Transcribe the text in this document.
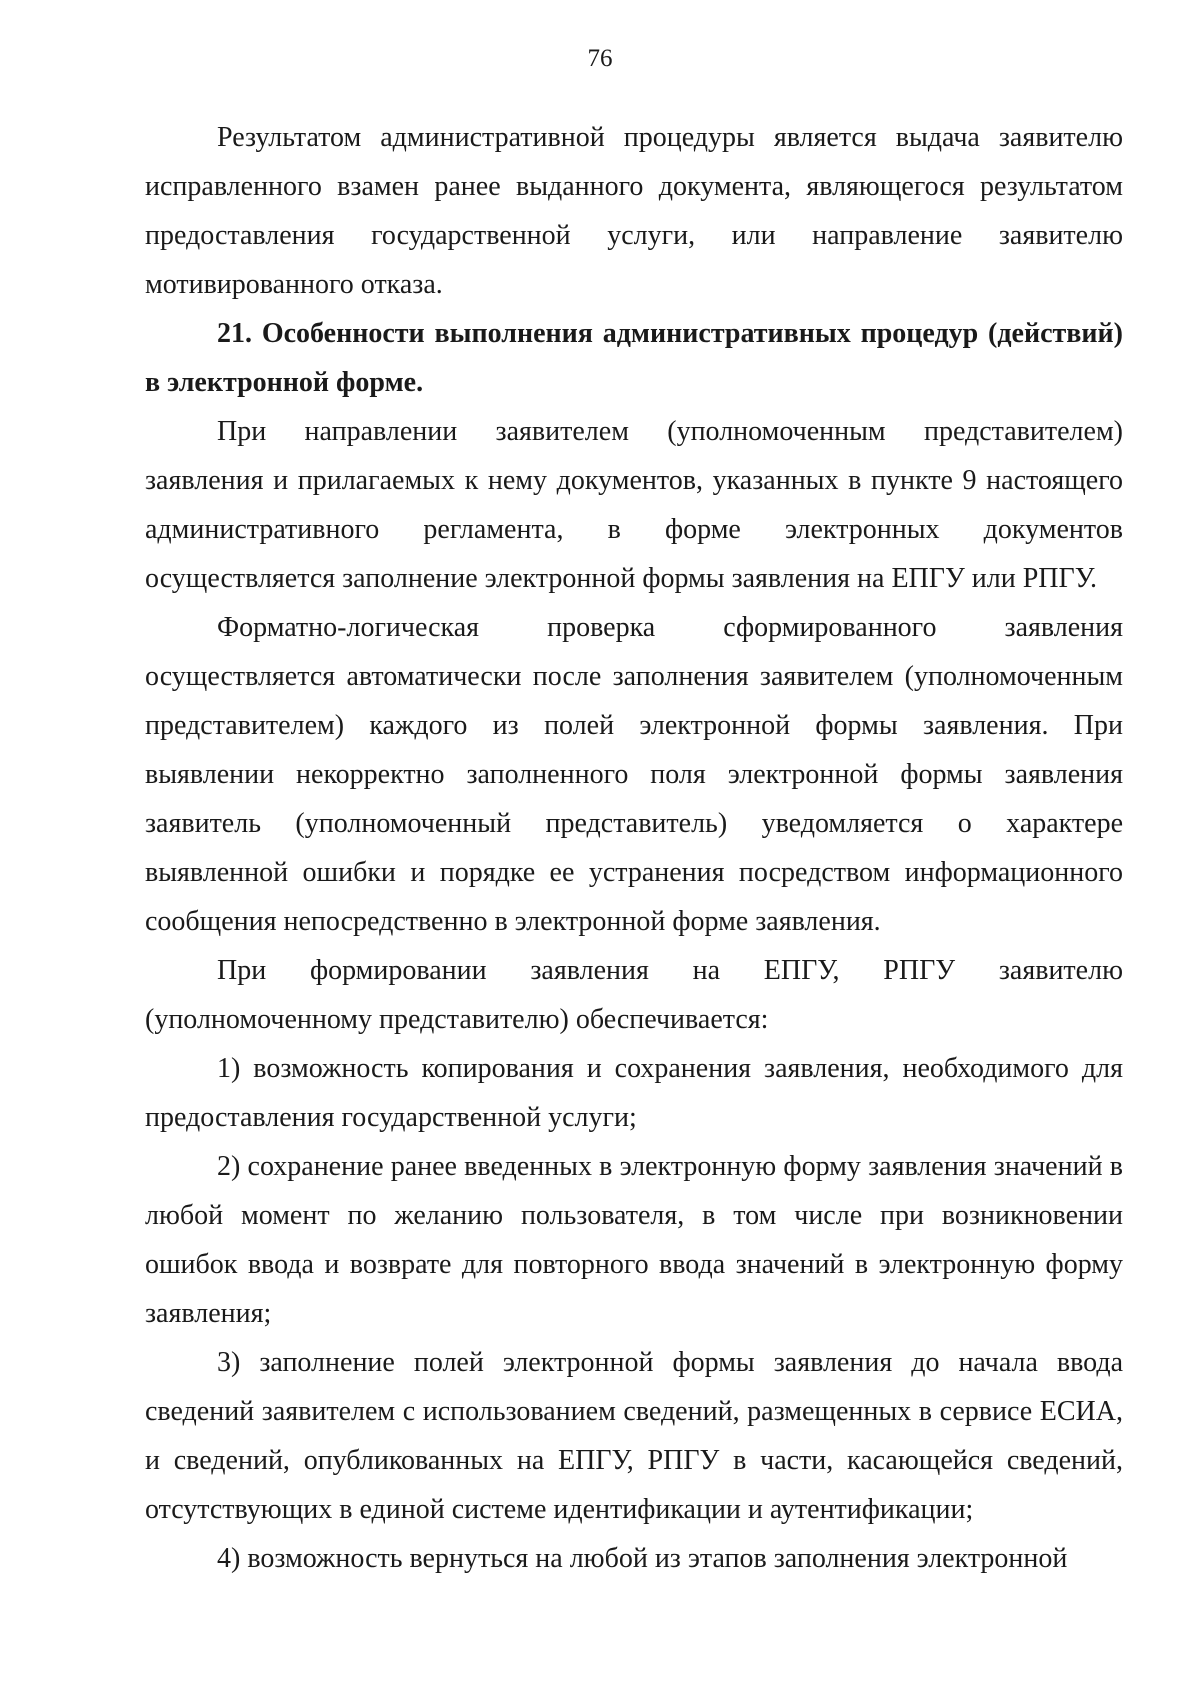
76

Результатом административной процедуры является выдача заявителю исправленного взамен ранее выданного документа, являющегося результатом предоставления государственной услуги, или направление заявителю мотивированного отказа.

21. Особенности выполнения административных процедур (действий) в электронной форме.

При направлении заявителем (уполномоченным представителем) заявления и прилагаемых к нему документов, указанных в пункте 9 настоящего административного регламента, в форме электронных документов осуществляется заполнение электронной формы заявления на ЕПГУ или РПГУ.

Форматно-логическая проверка сформированного заявления осуществляется автоматически после заполнения заявителем (уполномоченным представителем) каждого из полей электронной формы заявления. При выявлении некорректно заполненного поля электронной формы заявления заявитель (уполномоченный представитель) уведомляется о характере выявленной ошибки и порядке ее устранения посредством информационного сообщения непосредственно в электронной форме заявления.

При формировании заявления на ЕПГУ, РПГУ заявителю (уполномоченному представителю) обеспечивается:

1) возможность копирования и сохранения заявления, необходимого для предоставления государственной услуги;

2) сохранение ранее введенных в электронную форму заявления значений в любой момент по желанию пользователя, в том числе при возникновении ошибок ввода и возврате для повторного ввода значений в электронную форму заявления;

3) заполнение полей электронной формы заявления до начала ввода сведений заявителем с использованием сведений, размещенных в сервисе ЕСИА, и сведений, опубликованных на ЕПГУ, РПГУ в части, касающейся сведений, отсутствующих в единой системе идентификации и аутентификации;

4) возможность вернуться на любой из этапов заполнения электронной
